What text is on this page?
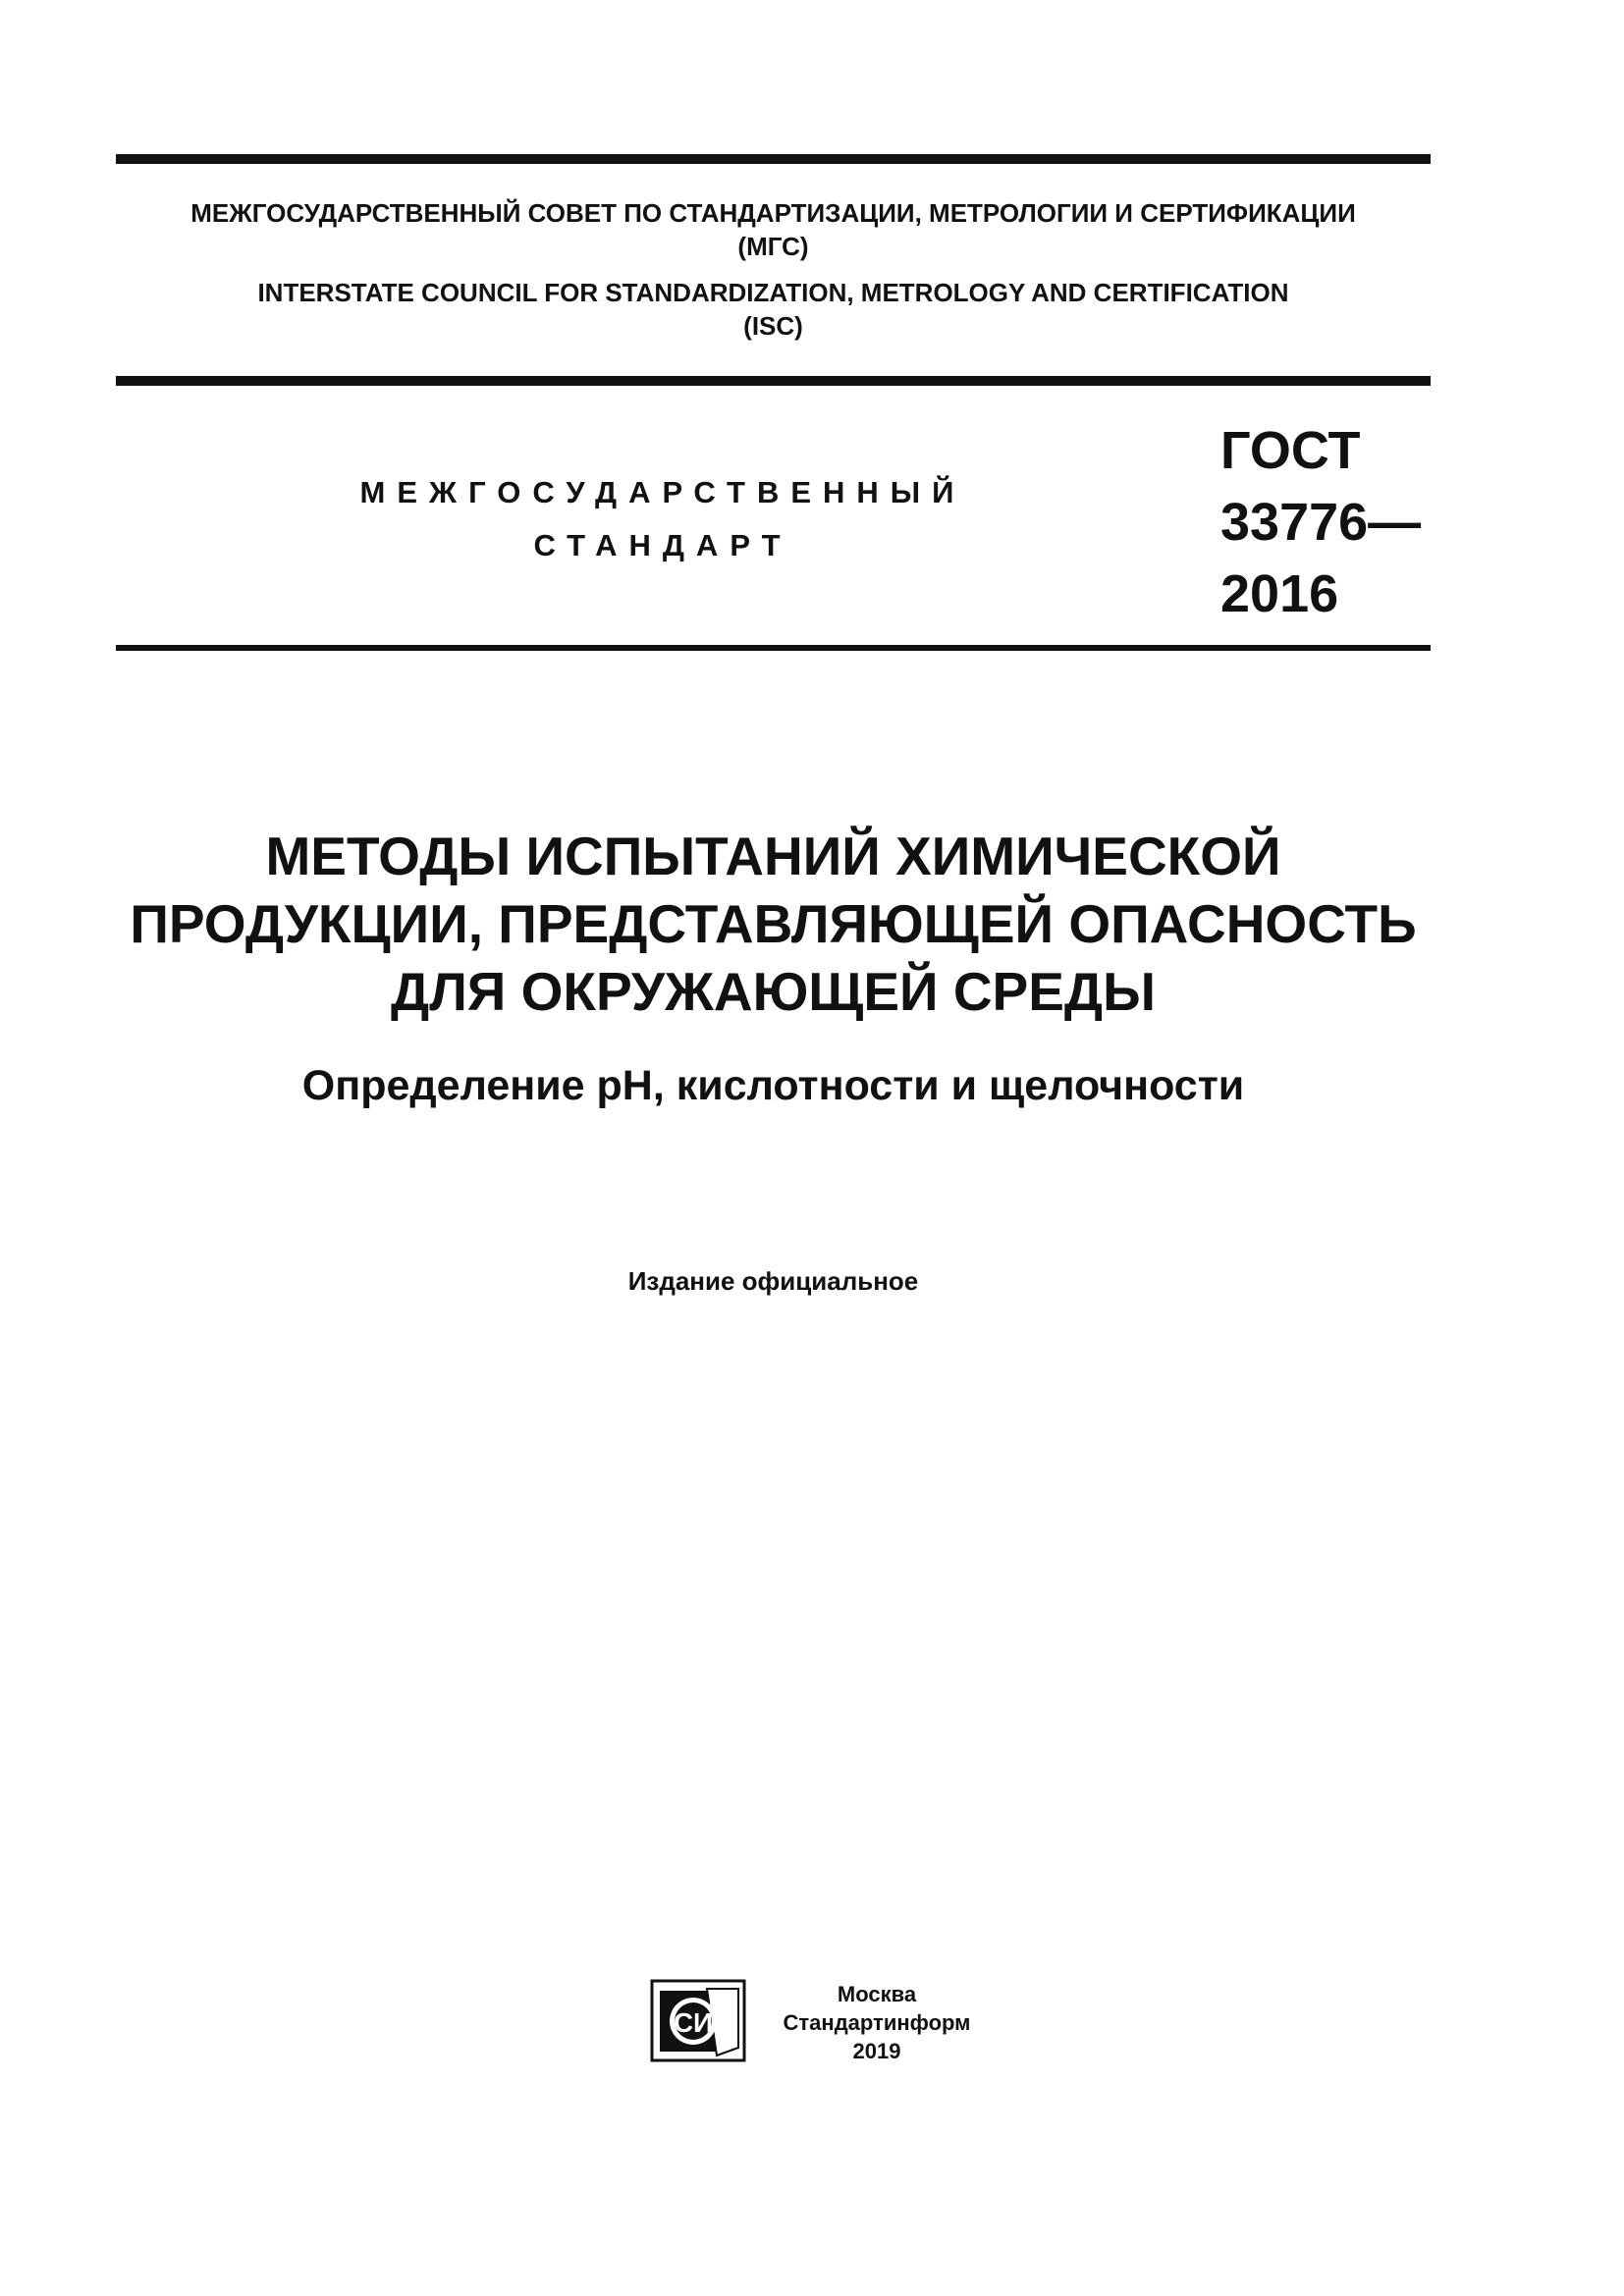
МЕЖГОСУДАРСТВЕННЫЙ СОВЕТ ПО СТАНДАРТИЗАЦИИ, МЕТРОЛОГИИ И СЕРТИФИКАЦИИ
(МГС)
INTERSTATE COUNCIL FOR STANDARDIZATION, METROLOGY AND CERTIFICATION
(ISC)
МЕЖГОСУДАРСТВЕННЫЙ
СТАНДАРТ
ГОСТ
33776—
2016
МЕТОДЫ ИСПЫТАНИЙ ХИМИЧЕСКОЙ
ПРОДУКЦИИ, ПРЕДСТАВЛЯЮЩЕЙ ОПАСНОСТЬ
ДЛЯ ОКРУЖАЮЩЕЙ СРЕДЫ
Определение pH, кислотности и щелочности
Издание официальное
СИ
Москва
Стандартинформ
2019
